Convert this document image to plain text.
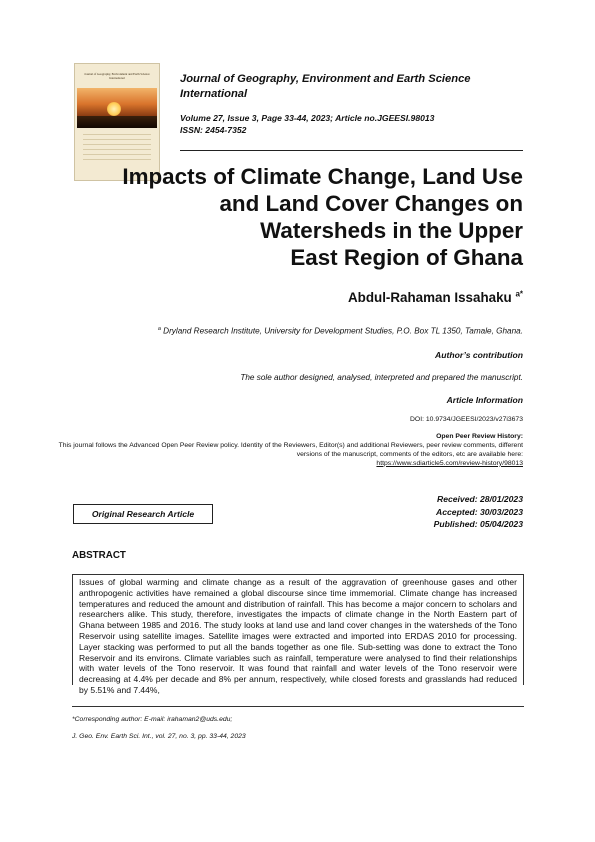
Journal of Geography, Environment and Earth Science International	Journal of Geography, Environment and Earth Science International
Volume 27, Issue 3, Page 33-44, 2023; Article no.JGEESI.98013
ISSN: 2454-7352
Impacts of Climate Change, Land Use
and Land Cover Changes on
Watersheds in the Upper
East Region of Ghana
Abdul-Rahaman Issahaku $^{a*}$
$^a$ Dryland Research Institute, University for Development Studies, P.O. Box TL 1350, Tamale, Ghana.
Author’s contribution
The sole author designed, analysed, interpreted and prepared the manuscript.
Article Information
DOI: 10.9734/JGEESI/2023/v27i3673
Open Peer Review History:
This journal follows the Advanced Open Peer Review policy. Identity of the Reviewers, Editor(s) and additional Reviewers, peer review comments, different versions of the manuscript, comments of the editors, etc are available here:
https://www.sdiarticle5.com/review-history/98013
Original Research Article
Received: 28/01/2023
Accepted: 30/03/2023
Published: 05/04/2023
ABSTRACT
Issues of global warming and climate change as a result of the aggravation of greenhouse gases and other anthropogenic activities have remained a global discourse since time immemorial. Climate change has increased temperatures and reduced the amount and distribution of rainfall. This has become a major concern to scholars and researchers alike. This study, therefore, investigates the impacts of climate change in the North Eastern part of Ghana between 1985 and 2016. The study looks at land use and land cover changes in the watersheds of the Tono Reservoir using satellite images. Satellite images were extracted and imported into ERDAS 2010 for processing. Layer stacking was performed to put all the bands together as one file. Sub-setting was done to extract the Tono Reservoir and its environs. Climate variables such as rainfall, temperature were analysed to find their relationships with water levels of the Tono reservoir. It was found that rainfall and water levels of the Tono reservoir were decreasing at 4.4% per decade and 8% per annum, respectively, while closed forests and grasslands had reduced by 5.51% and 7.44%,
*Corresponding author: E-mail: irahaman2@uds.edu;
J. Geo. Env. Earth Sci. Int., vol. 27, no. 3, pp. 33-44, 2023
